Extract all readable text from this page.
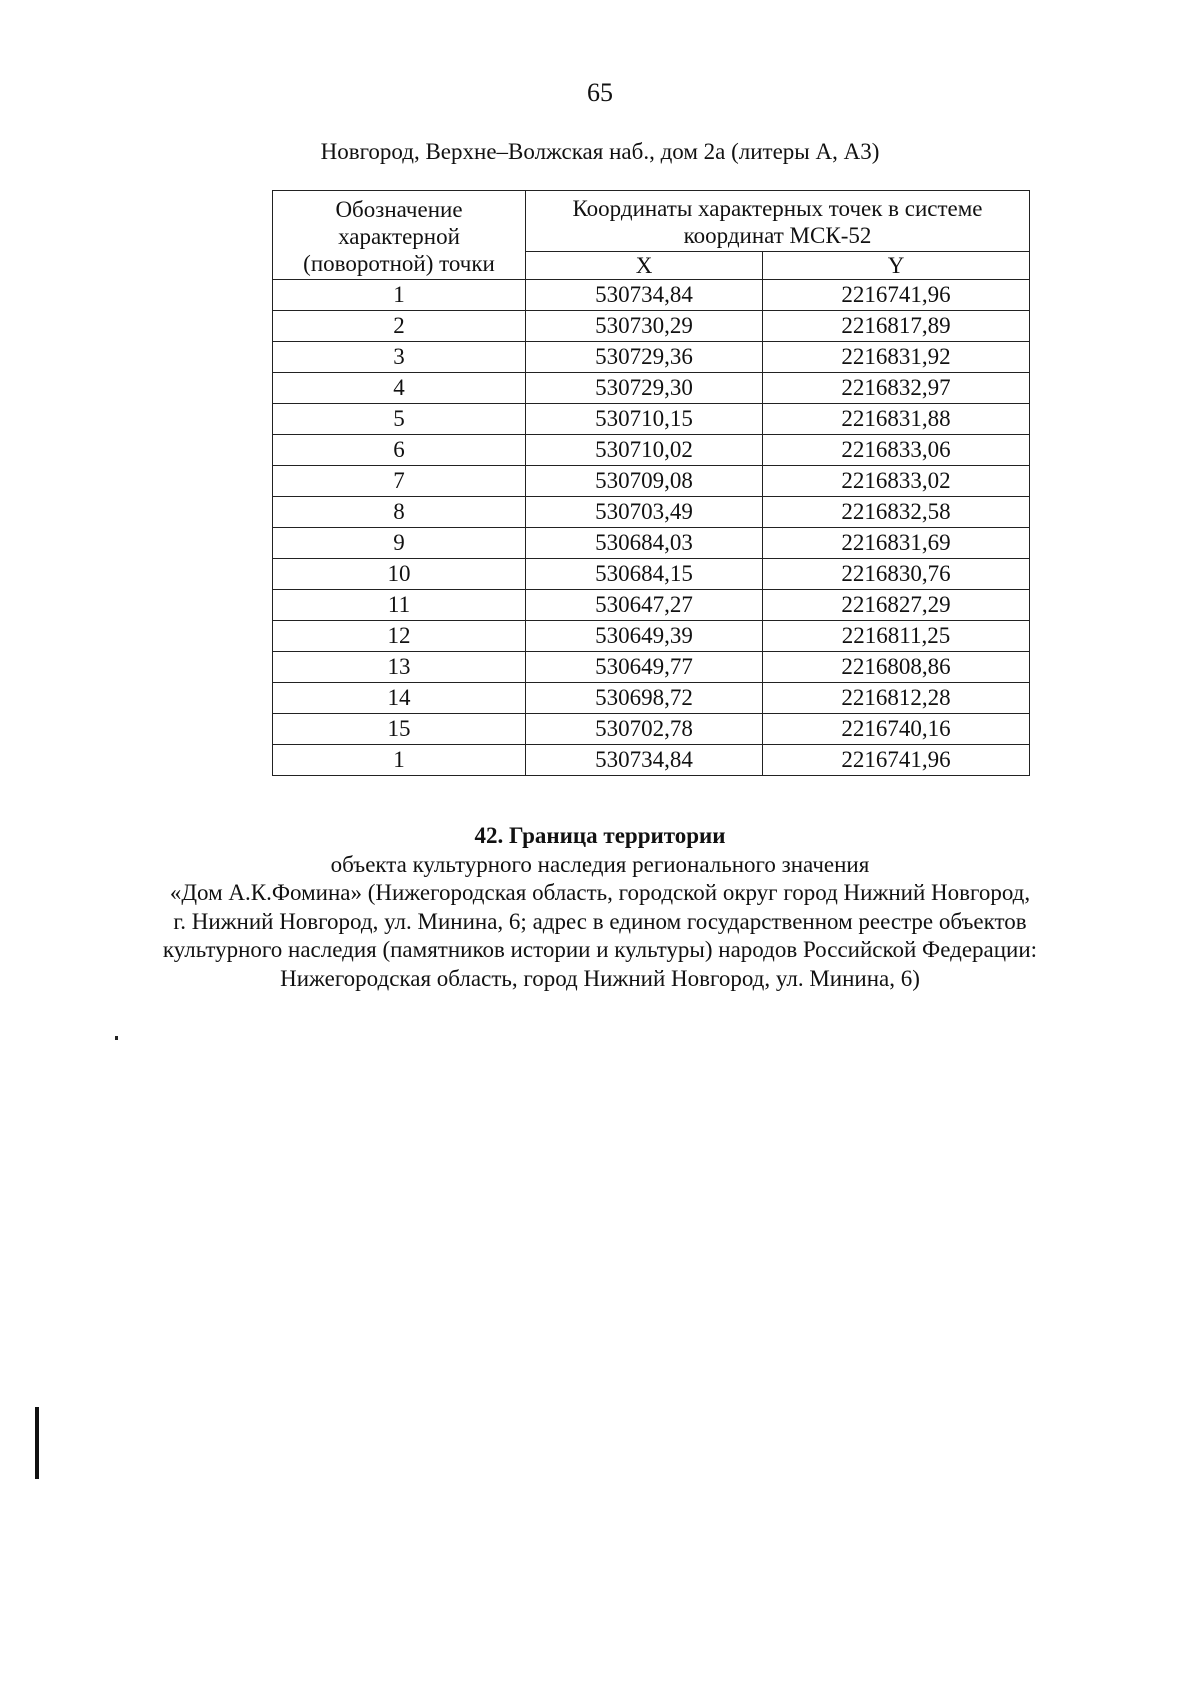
65
Новгород, Верхне–Волжская наб., дом 2а (литеры А, А3)
Обозначение характерной (поворотной) точки	Координаты характерных точек в системе координат МСК-52	
	X	Y
1	530734,84	2216741,96
2	530730,29	2216817,89
3	530729,36	2216831,92
4	530729,30	2216832,97
5	530710,15	2216831,88
6	530710,02	2216833,06
7	530709,08	2216833,02
8	530703,49	2216832,58
9	530684,03	2216831,69
10	530684,15	2216830,76
11	530647,27	2216827,29
12	530649,39	2216811,25
13	530649,77	2216808,86
14	530698,72	2216812,28
15	530702,78	2216740,16
1	530734,84	2216741,96
42. Граница территории
объекта культурного наследия регионального значения
«Дом А.К.Фомина» (Нижегородская область, городской округ город Нижний Новгород,
г. Нижний Новгород, ул. Минина, 6; адрес в едином государственном реестре объектов
культурного наследия (памятников истории и культуры) народов Российской Федерации:
Нижегородская область, город Нижний Новгород, ул. Минина, 6)
